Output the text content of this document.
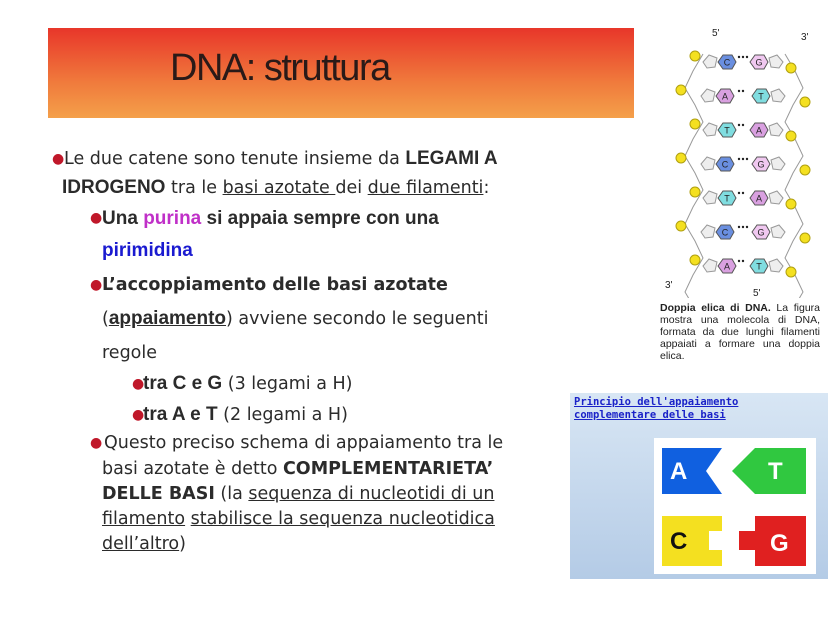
DNA: struttura
● Le due catene sono tenute insieme da LEGAMI A
IDROGENO tra le basi azotate dei due filamenti:
● Una purina si appaia sempre con una
pirimidina
● L’accoppiamento delle basi azotate
(appaiamento) avviene secondo le seguenti
regole
●
tra C e G (3 legami a H)
●
tra A e T (2 legami a H)
● Questo preciso schema di appaiamento tra le
basi azotate è detto COMPLEMENTARIETA’
DELLE BASI (la sequenza di nucleotidi di un
filamento stabilisce la sequenza nucleotidica
dell’altro)
C	G
A	T
T	A
C	G
T	A
C	G
A	T
5'	3'
3'
5'
Doppia elica di DNA. La figura mostra una molecola di DNA, formata da due lunghi filamenti appaiati a formare una doppia elica.
Principio dell'appaiamento complementare delle basi
A	T
C	G
